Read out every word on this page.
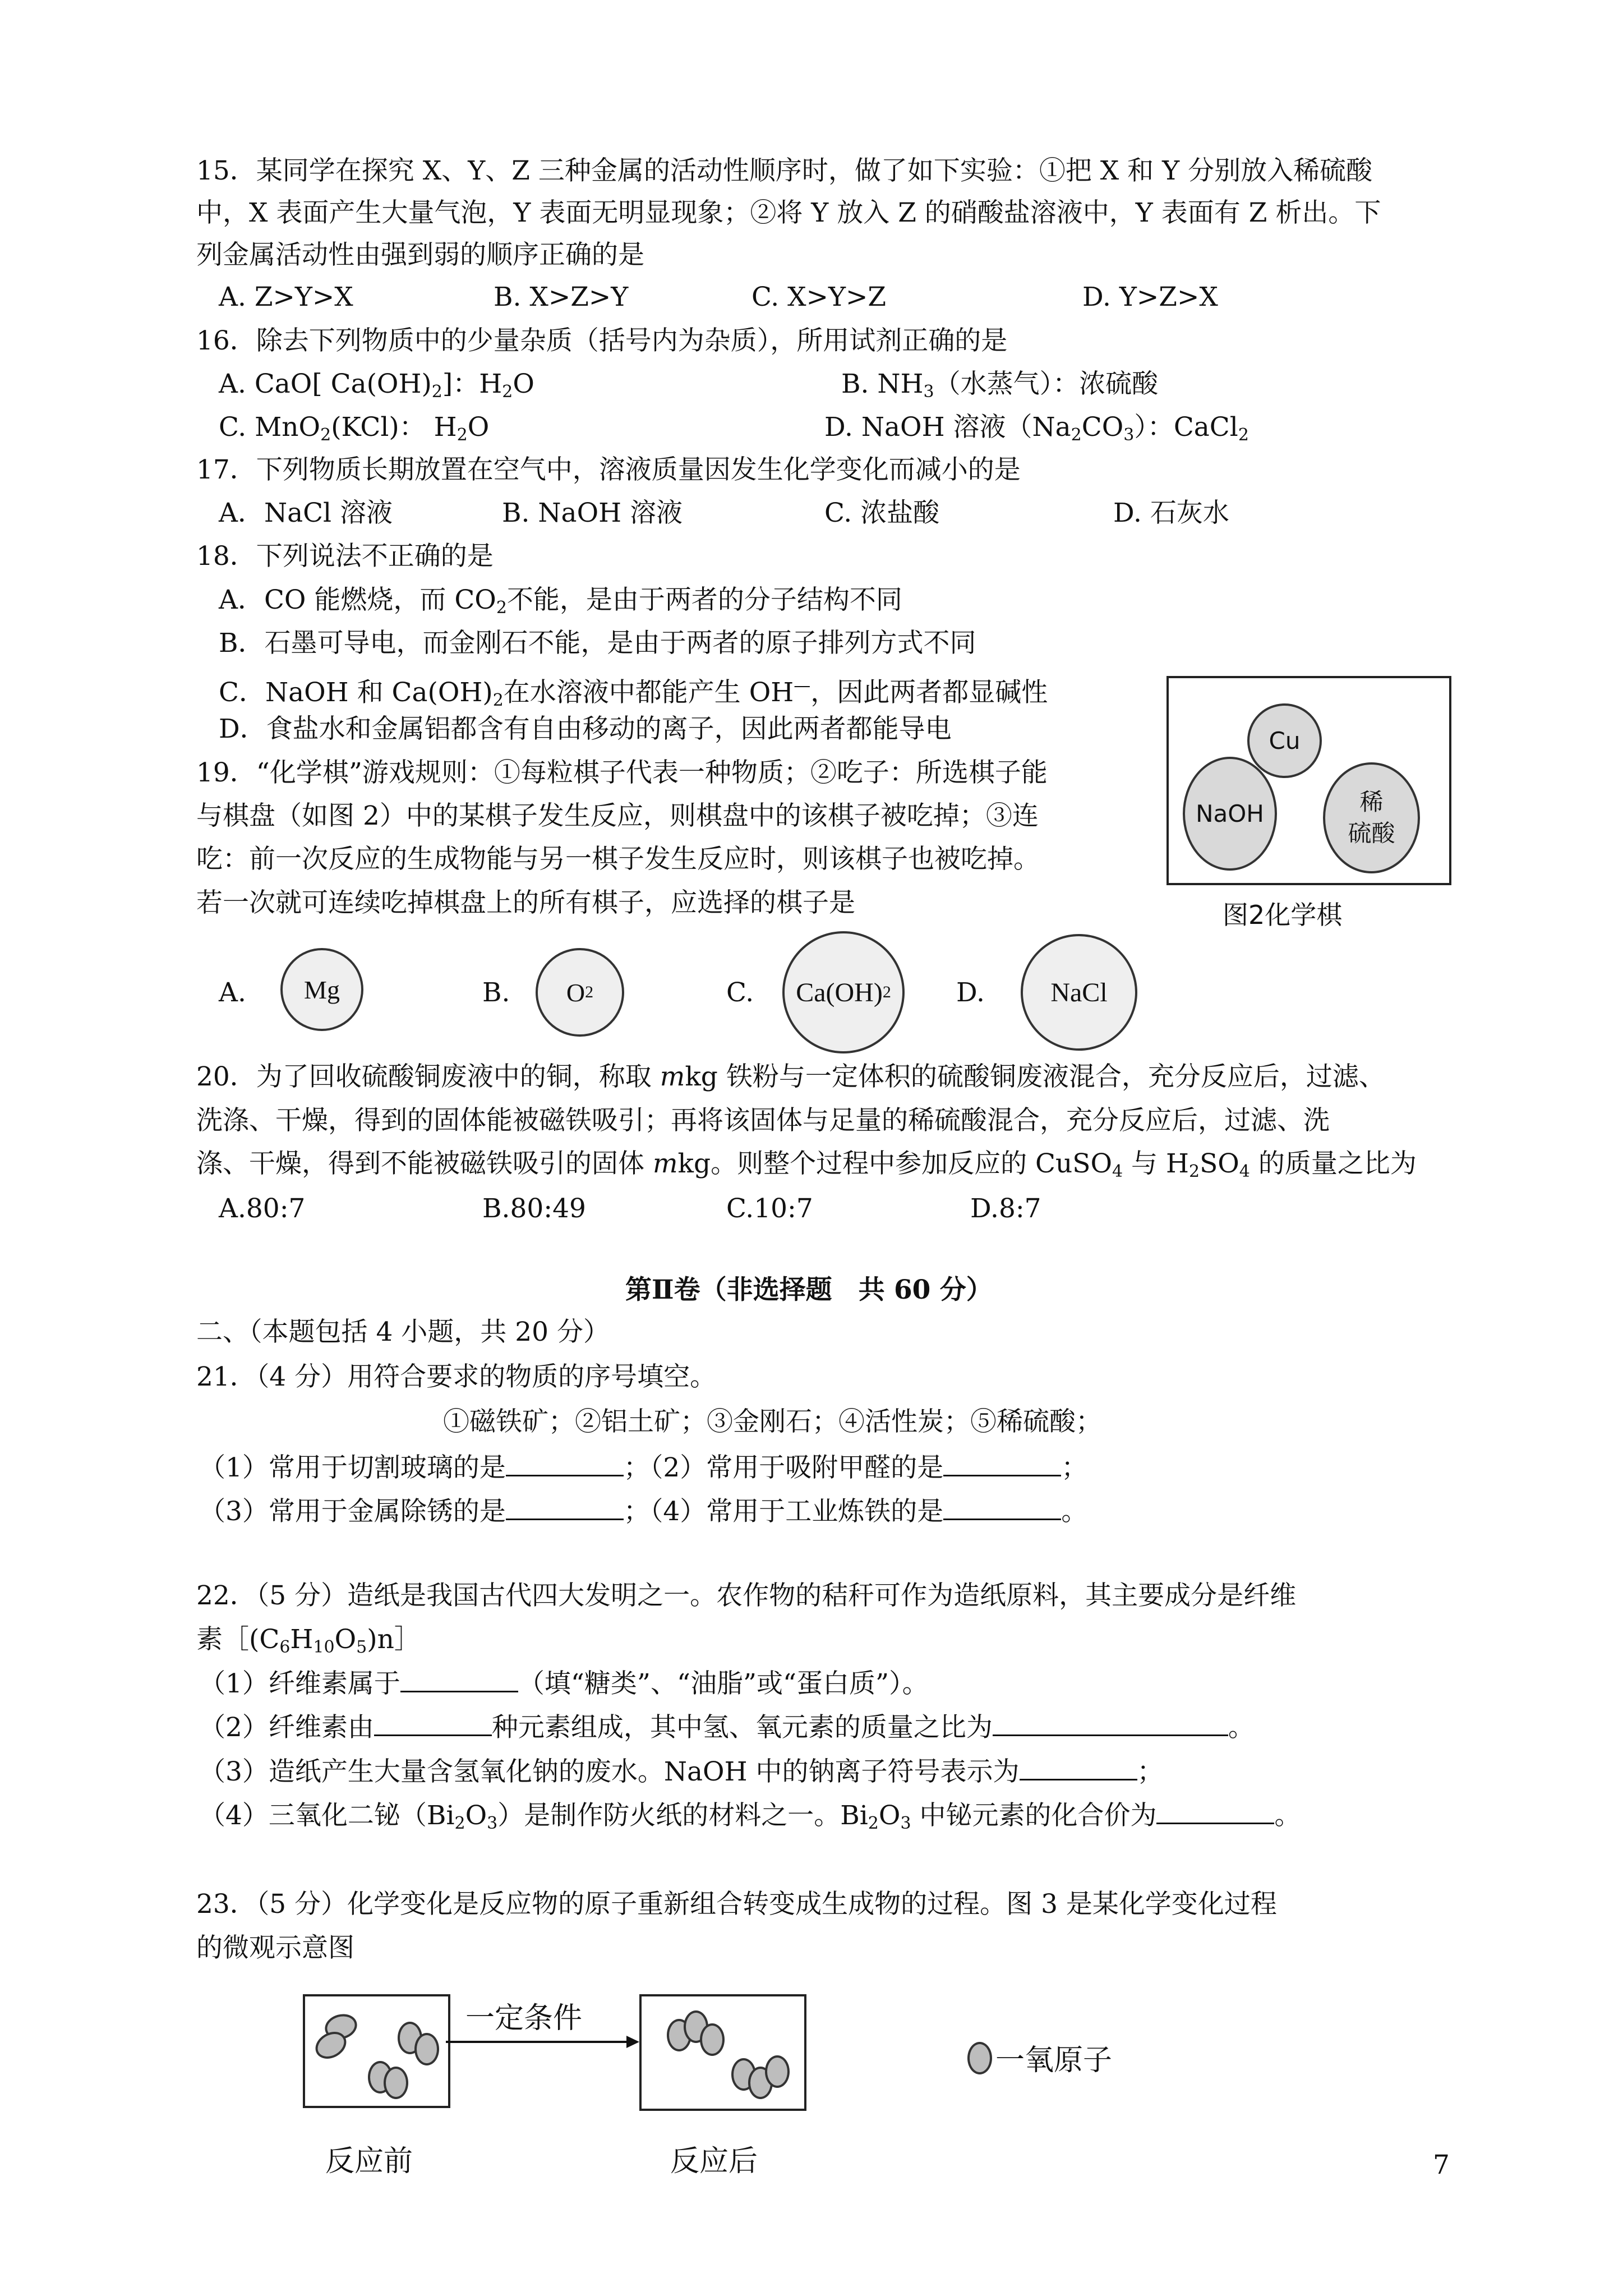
15．某同学在探究 X、Y、Z 三种金属的活动性顺序时，做了如下实验：①把 X 和 Y 分别放入稀硫酸
中，X 表面产生大量气泡，Y 表面无明显现象；②将 Y 放入 Z 的硝酸盐溶液中，Y 表面有 Z 析出。下
列金属活动性由强到弱的顺序正确的是
A. Z>Y>X	B. X>Z>Y	C. X>Y>Z	D. Y>Z>X
16．除去下列物质中的少量杂质（括号内为杂质），所用试剂正确的是
A. CaO[ $Ca(OH)_2$]：$H_2O$	B. $NH_3$（水蒸气）：浓硫酸
C. MnO$_2$(KCl)： $H_2O$	D. NaOH 溶液$(Na_2CO_3)$：CaCl$_2$
17．下列物质长期放置在空气中，溶液质量因发生化学变化而减小的是
A．NaCl 溶液	B. NaOH 溶液	C. 浓盐酸	D. 石灰水
18．下列说法不正确的是
A．CO 能燃烧，而 $CO_2$不能，是由于两者的分子结构不同
B．石墨可导电，而金刚石不能，是由于两者的原子排列方式不同
C．NaOH 和 $Ca(OH)_2$在水溶液中都能产生 OH—，因此两者都显碱性
D．食盐水和金属铝都含有自由移动的离子，因此两者都能导电	Cu
NaOH	稀
硫酸
图2化学棋
19．“化学棋”游戏规则：①每粒棋子代表一种物质；②吃子：所选棋子能
与棋盘（如图 2）中的某棋子发生反应，则棋盘中的该棋子被吃掉；③连
吃：前一次反应的生成物能与另一棋子发生反应时，则该棋子也被吃掉。
若一次就可连续吃掉棋盘上的所有棋子，应选择的棋子是
A.	Mg	B. O 2	C. Ca(OH) 2 D.	NaCl
20．为了回收硫酸铜废液中的铜，称取 mkg 铁粉与一定体积的硫酸铜废液混合，充分反应后，过滤、
洗涤、干燥，得到的固体能被磁铁吸引；再将该固体与足量的稀硫酸混合，充分反应后，过滤、洗
涤、干燥，得到不能被磁铁吸引的固体 mkg。则整个过程中参加反应的 CuSO$_4$ 与 $H_2SO_4$ 的质量之比为
A.80:7	B.80:49	C.10:7	D.8:7
第Ⅱ卷（非选择题　共 60 分）
二、（本题包括 4 小题，共 20 分）
21．（4 分）用符合要求的物质的序号填空。
①磁铁矿；②铝土矿；③金刚石；④活性炭；⑤稀硫酸；
（1）常用于切割玻璃的是	；（2）常用于吸附甲醛的是	；
（3）常用于金属除锈的是	；（4）常用于工业炼铁的是	。
22．（5 分）造纸是我国古代四大发明之一。农作物的秸秆可作为造纸原料，其主要成分是纤维
素$[(C_6H_{10}O_5)n]$
（1）纤维素属于	（填“糖类”、“油脂”或“蛋白质”）。
（2）纤维素由	种元素组成，其中氢、氧元素的质量之比为	。
（3）造纸产生大量含氢氧化钠的废水。NaOH 中的钠离子符号表示为	；
（4）三氧化二铋$(Bi_2O_3)$是制作防火纸的材料之一。$Bi_2O_3$ 中铋元素的化合价为	。
23．（5 分）化学变化是反应物的原子重新组合转变成生成物的过程。图 3 是某化学变化过程
的微观示意图
一定条件
反应前	反应后
一氧原子
7
